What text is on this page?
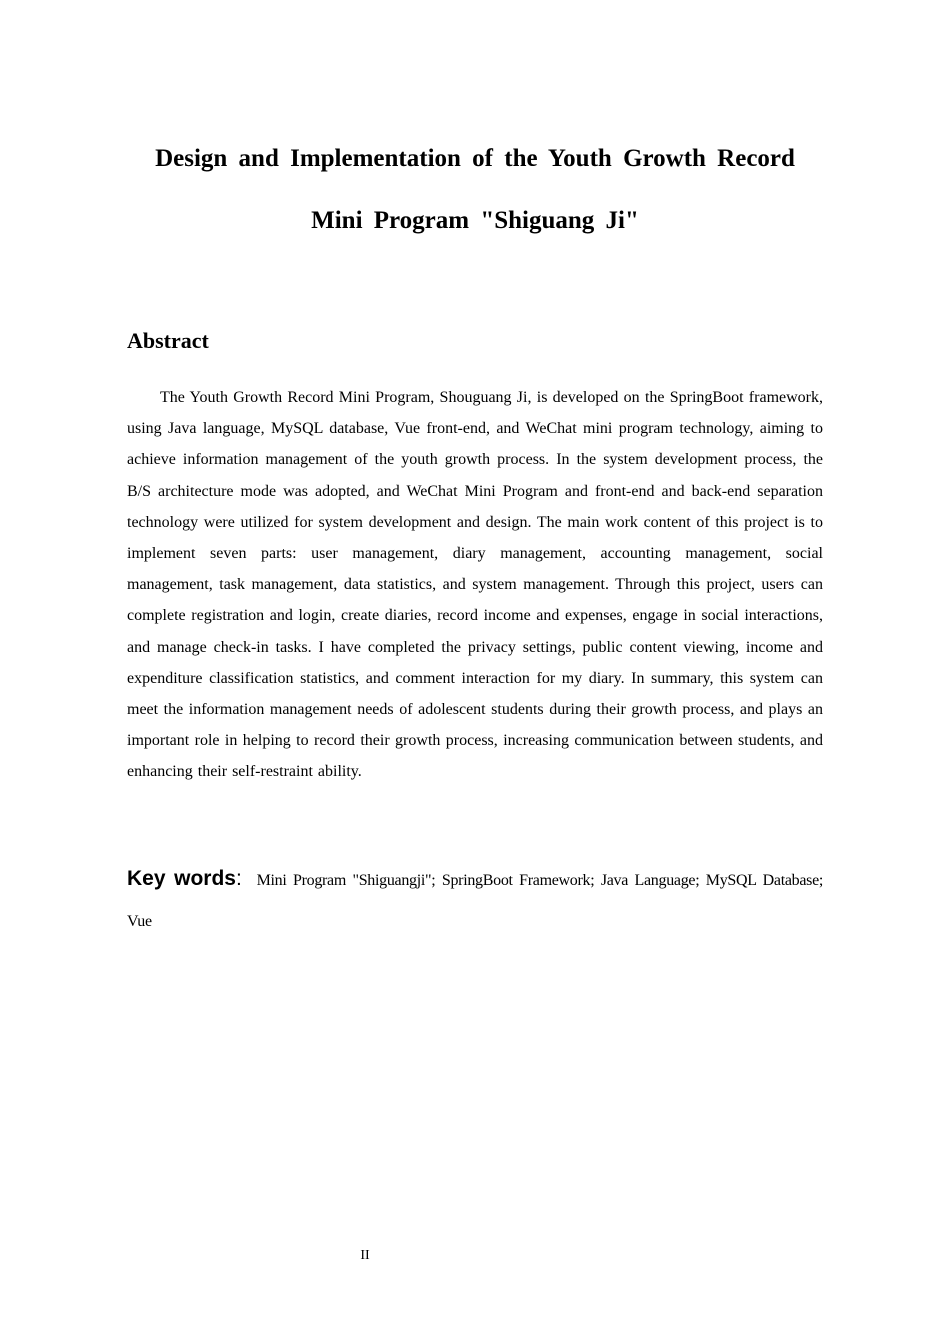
Design and Implementation of the Youth Growth Record
Mini Program "Shiguang Ji"
Abstract

The Youth Growth Record Mini Program, Shouguang Ji, is developed on the SpringBoot framework, using Java language, MySQL database, Vue front-end, and WeChat mini program technology, aiming to achieve information management of the youth growth process. In the system development process, the B/S architecture mode was adopted, and WeChat Mini Program and front-end and back-end separation technology were utilized for system development and design. The main work content of this project is to implement seven parts: user management, diary management, accounting management, social management, task management, data statistics, and system management. Through this project, users can complete registration and login, create diaries, record income and expenses, engage in social interactions, and manage check-in tasks. I have completed the privacy settings, public content viewing, income and expenditure classification statistics, and comment interaction for my diary. In summary, this system can meet the information management needs of adolescent students during their growth process, and plays an important role in helping to record their growth process, increasing communication between students, and enhancing their self-restraint ability.

Key words: Mini Program "Shiguangji"; SpringBoot Framework; Java Language; MySQL Database; Vue

II
